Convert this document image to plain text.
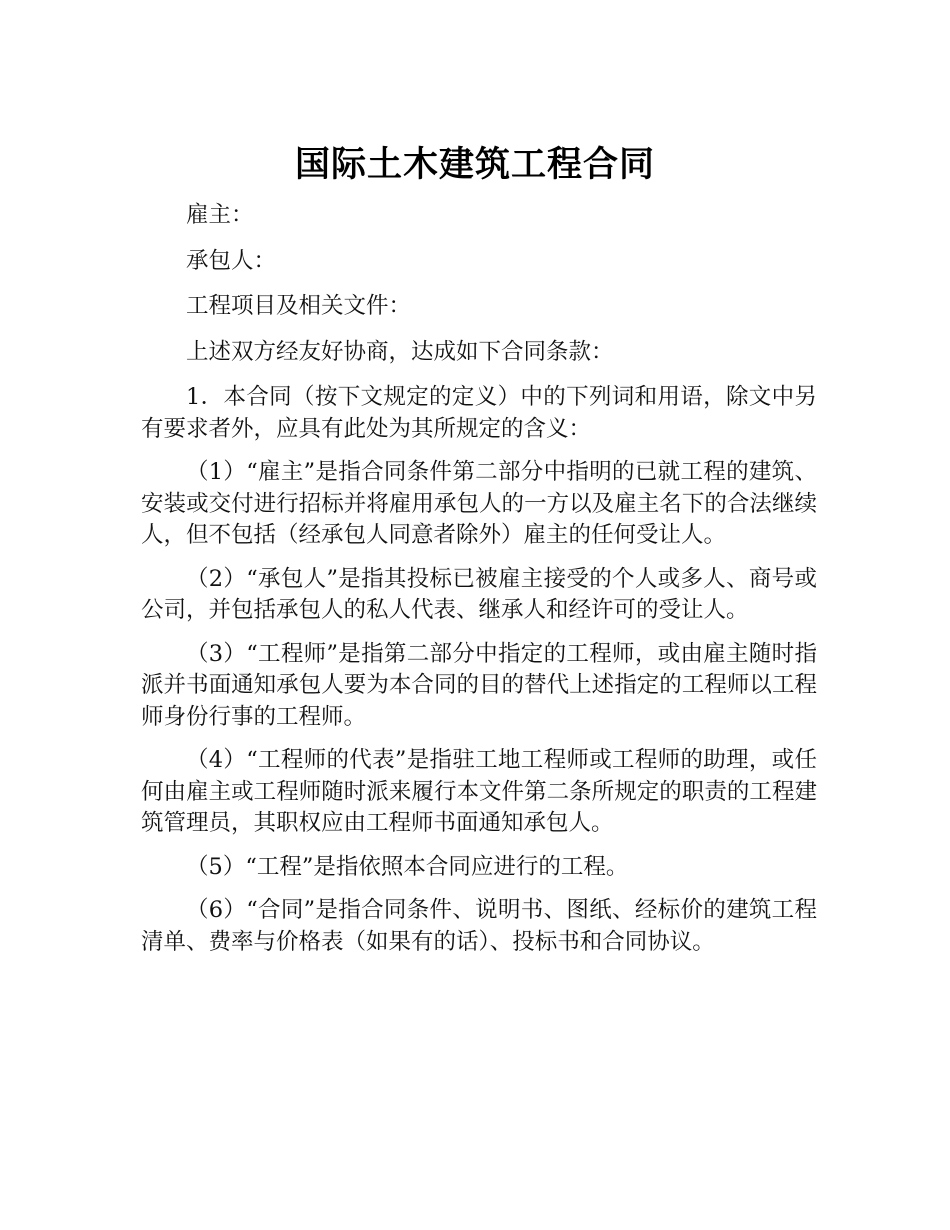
国际土木建筑工程合同

雇主：

承包人：

工程项目及相关文件：

上述双方经友好协商，达成如下合同条款：

1．本合同（按下文规定的定义）中的下列词和用语，除文中另有要求者外，应具有此处为其所规定的含义：

（1）“雇主”是指合同条件第二部分中指明的已就工程的建筑、安装或交付进行招标并将雇用承包人的一方以及雇主名下的合法继续人，但不包括（经承包人同意者除外）雇主的任何受让人。

（2）“承包人”是指其投标已被雇主接受的个人或多人、商号或公司，并包括承包人的私人代表、继承人和经许可的受让人。

（3）“工程师”是指第二部分中指定的工程师，或由雇主随时指派并书面通知承包人要为本合同的目的替代上述指定的工程师以工程师身份行事的工程师。

（4）“工程师的代表”是指驻工地工程师或工程师的助理，或任何由雇主或工程师随时派来履行本文件第二条所规定的职责的工程建筑管理员，其职权应由工程师书面通知承包人。

（5）“工程”是指依照本合同应进行的工程。

（6）“合同”是指合同条件、说明书、图纸、经标价的建筑工程清单、费率与价格表（如果有的话）、投标书和合同协议。
